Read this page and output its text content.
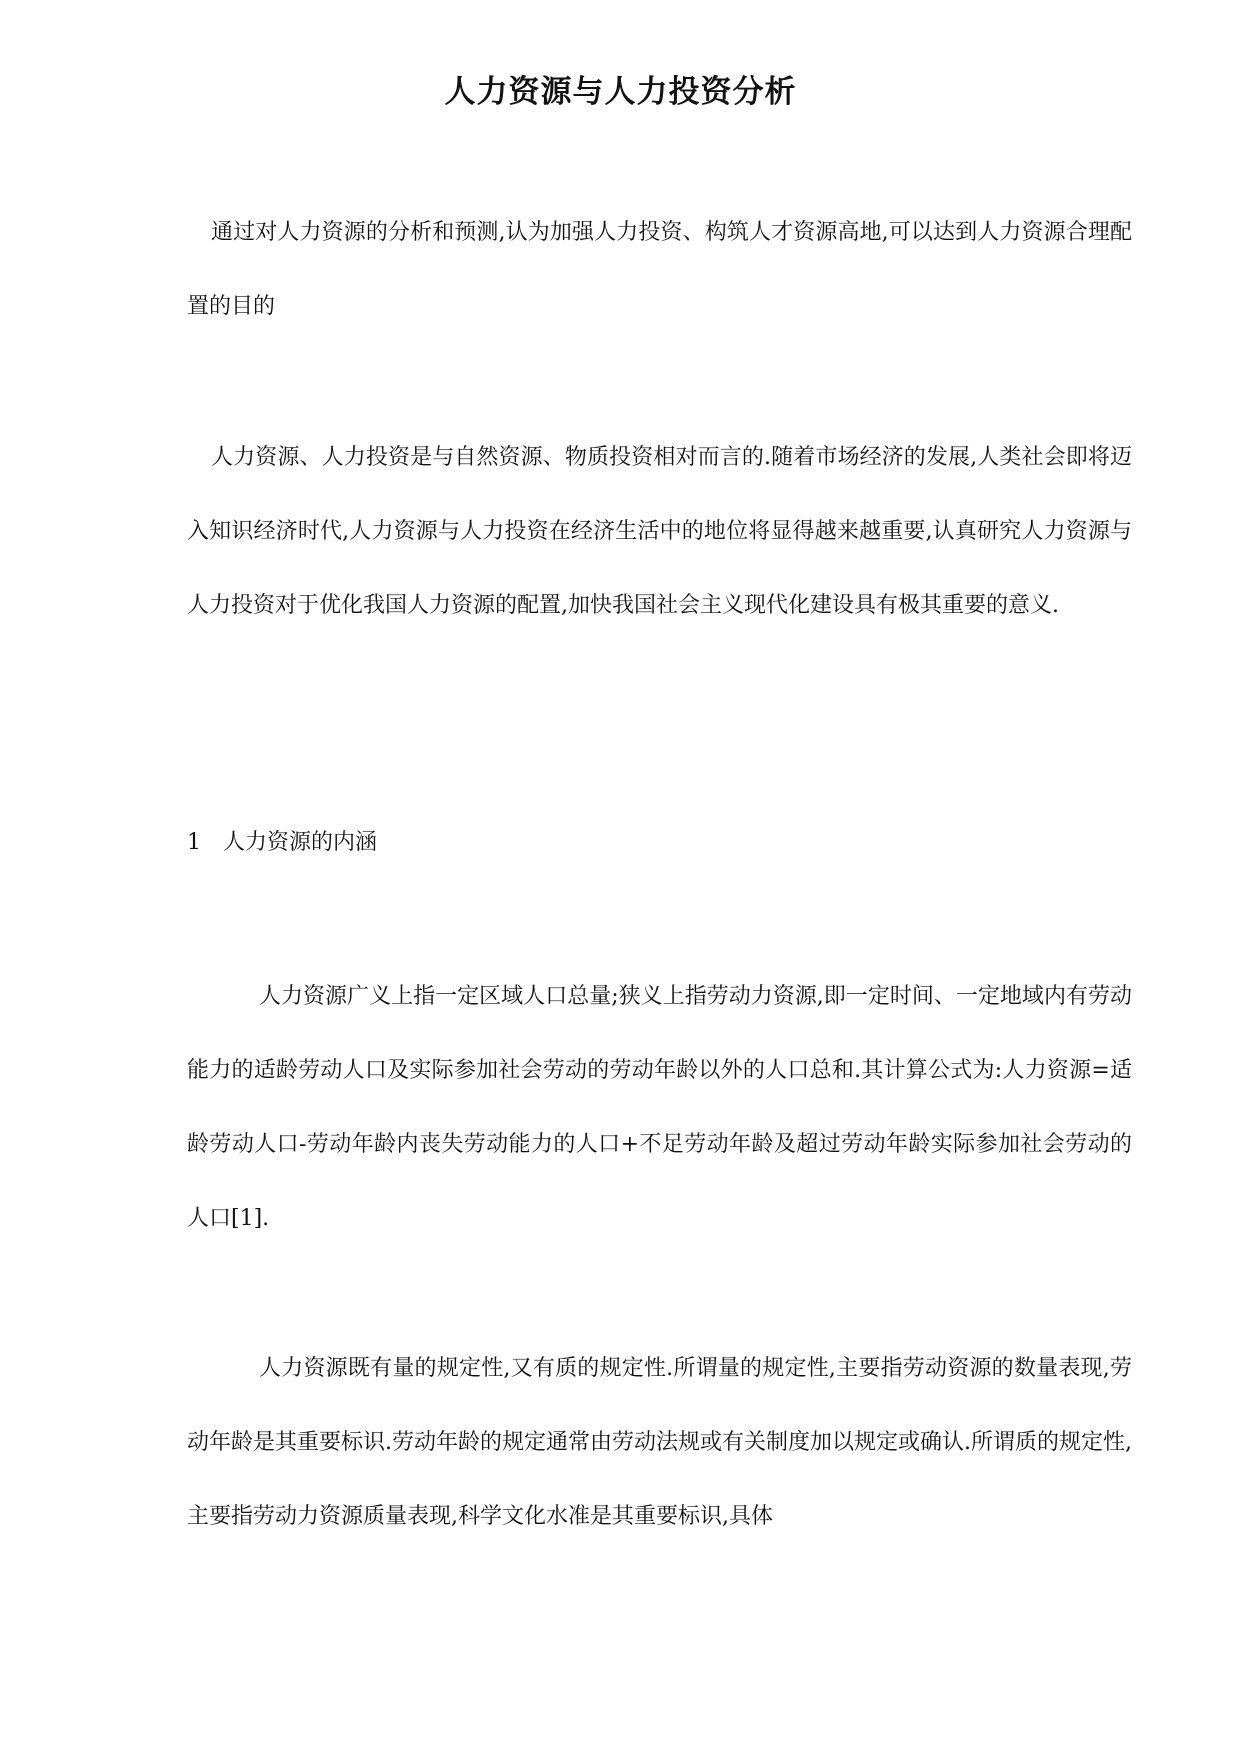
人力资源与人力投资分析

通过对人力资源的分析和预测,认为加强人力投资、构筑人才资源高地,可以达到人力资源合理配置的目的

人力资源、人力投资是与自然资源、物质投资相对而言的.随着市场经济的发展,人类社会即将迈入知识经济时代,人力资源与人力投资在经济生活中的地位将显得越来越重要,认真研究人力资源与人力投资对于优化我国人力资源的配置,加快我国社会主义现代化建设具有极其重要的意义.

1 人力资源的内涵

人力资源广义上指一定区域人口总量;狭义上指劳动力资源,即一定时间、一定地域内有劳动能力的适龄劳动人口及实际参加社会劳动的劳动年龄以外的人口总和.其计算公式为:人力资源=适龄劳动人口-劳动年龄内丧失劳动能力的人口+不足劳动年龄及超过劳动年龄实际参加社会劳动的人口[1].

人力资源既有量的规定性,又有质的规定性.所谓量的规定性,主要指劳动资源的数量表现,劳动年龄是其重要标识.劳动年龄的规定通常由劳动法规或有关制度加以规定或确认.所谓质的规定性,主要指劳动力资源质量表现,科学文化水准是其重要标识,具体
